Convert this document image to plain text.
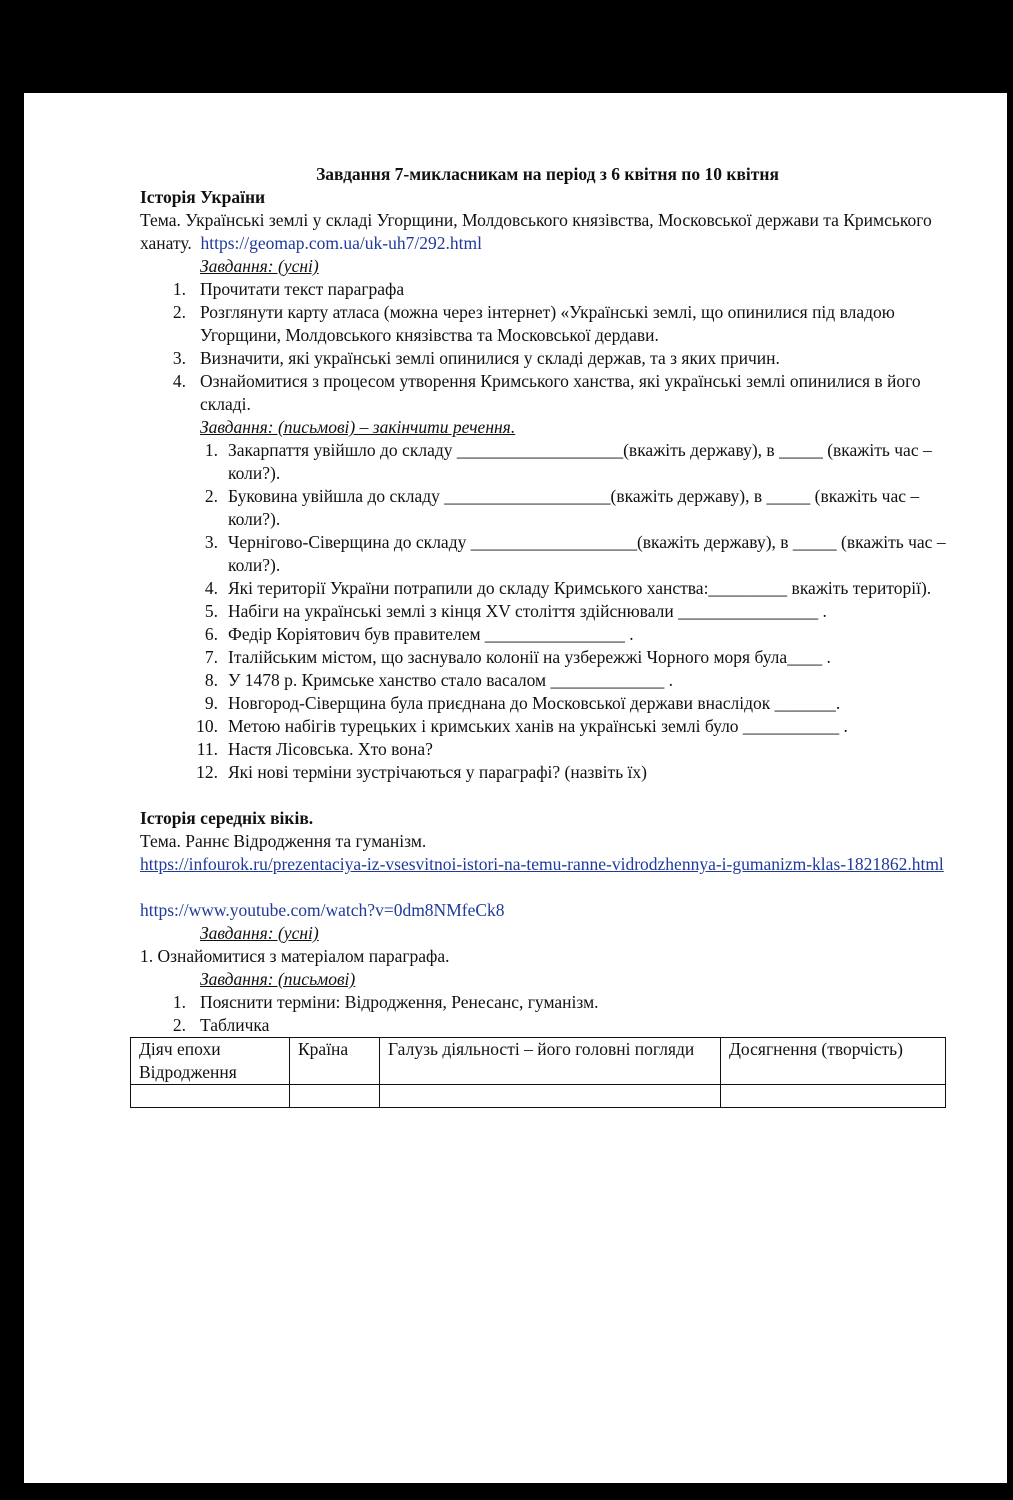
Завдання 7-микласникам на період з 6 квітня по 10 квітня
Історія України
Тема. Українські землі у складі Угорщини, Молдовського князівства, Московської держави та Кримського ханату. https://geomap.com.ua/uk-uh7/292.html
Завдання: (усні)
1. Прочитати текст параграфа
2. Розглянути карту атласа (можна через інтернет) «Українські землі, що опинилися під владою Угорщини, Молдовського князівства та Московської дердави.
3. Визначити, які українські землі опинилися у складі держав, та з яких причин.
4. Ознайомитися з процесом утворення Кримського ханства, які українські землі опинилися в його складі.
Завдання: (письмові) – закінчити речення.
1. Закарпаття увійшло до складу ___________________(вкажіть державу), в _____ (вкажіть час – коли?).
2. Буковина увійшла до складу ___________________(вкажіть державу), в _____ (вкажіть час – коли?).
3. Чернігово-Сіверщина до складу ___________________(вкажіть державу), в _____ (вкажіть час – коли?).
4. Які території України потрапили до складу Кримського ханства:_________ вкажіть території).
5. Набіги на українські землі з кінця XV століття здійснювали ________________ .
6. Федір Коріятович був правителем ________________ .
7. Італійським містом, що заснувало колонії на узбережжі Чорного моря була____ .
8. У 1478 р. Кримське ханство стало васалом _____________ .
9. Новгород-Сіверщина була приєднана до Московської держави внаслідок _______.
10. Метою набігів турецьких і кримських ханів на українські землі було ___________ .
11. Настя Лісовська. Хто вона?
12. Які нові терміни зустрічаються у параграфі? (назвіть їх)
Історія середніх віків.
Тема. Раннє Відродження та гуманізм.
https://infourok.ru/prezentaciya-iz-vsesvitnoi-istori-na-temu-ranne-vidrodzhennya-i-gumanizm-klas-1821862.html
https://www.youtube.com/watch?v=0dm8NMfeCk8
Завдання: (усні)
1. Ознайомитися з матеріалом параграфа.
Завдання: (письмові)
1. Пояснити терміни: Відродження, Ренесанс, гуманізм.
2. Табличка
Діяч епохи Відродження	Країна	Галузь діяльності – його головні погляди	Досягнення (творчість)
